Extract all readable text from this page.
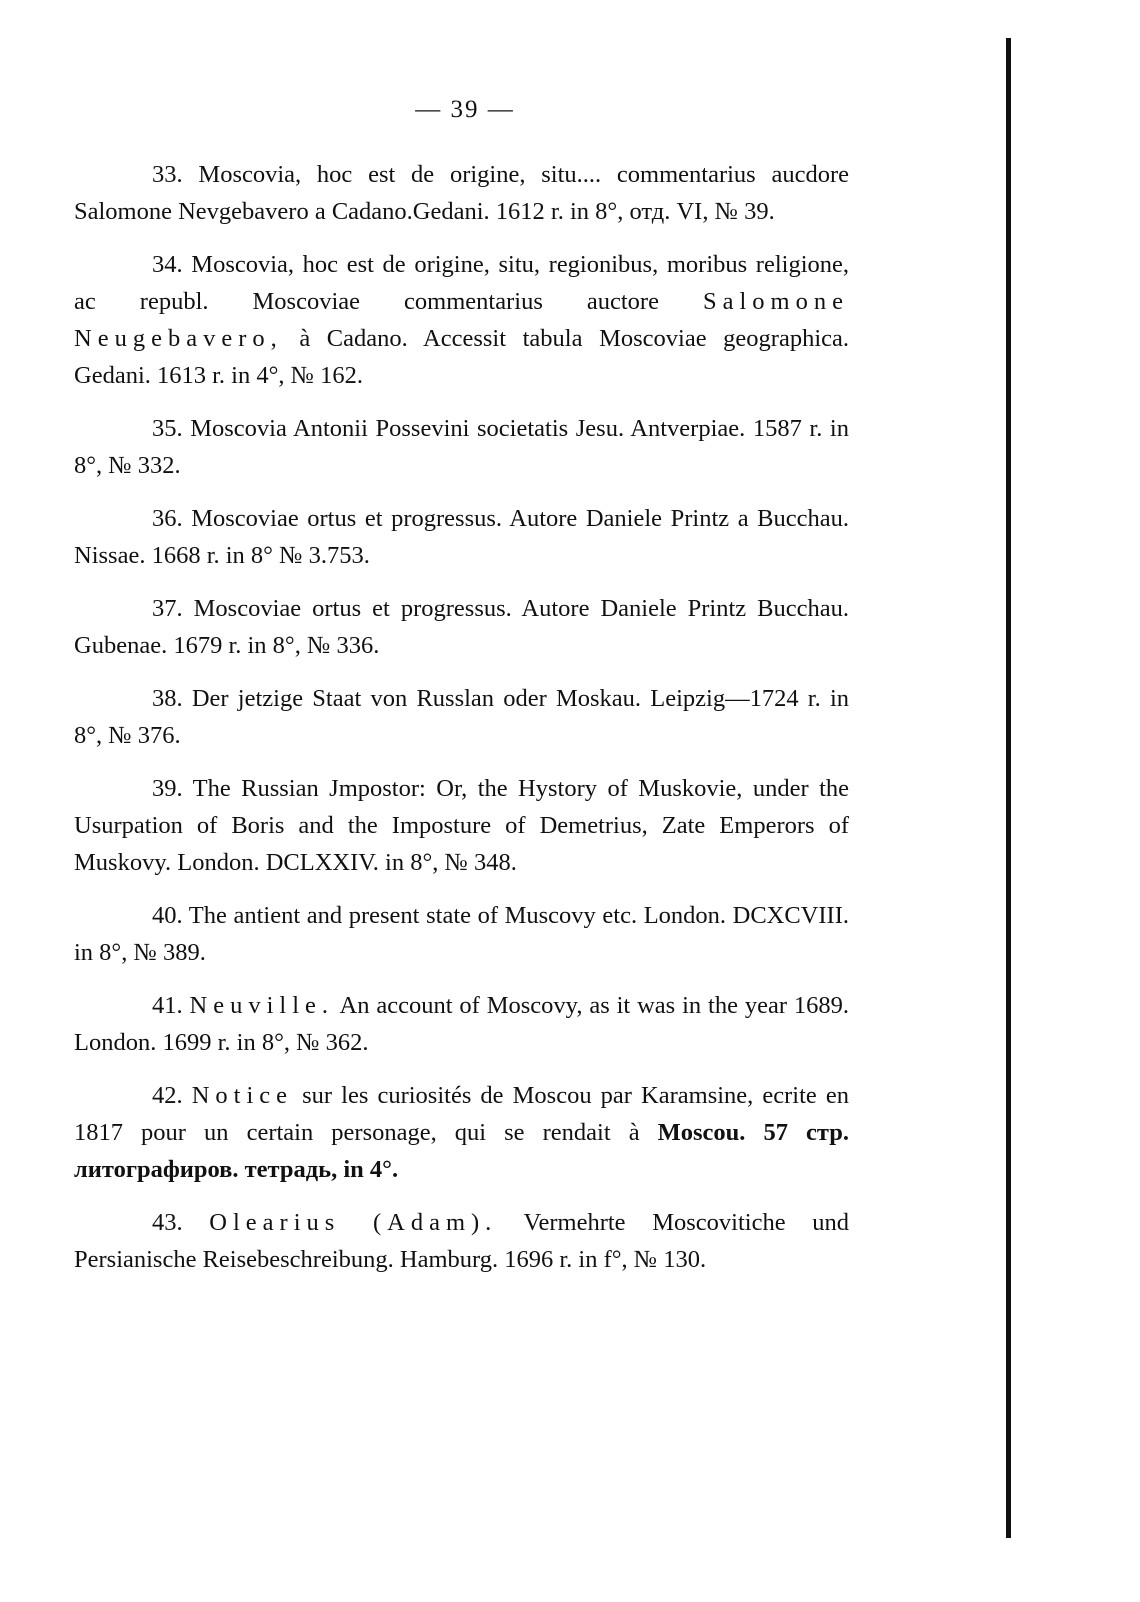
— 39 —

33. Moscovia, hoc est de origine, situ.... commentarius aucdore Salomone Nevgebavero a Cadano.Gedani. 1612 r. in 8°, отд. VI, № 39.

34. Moscovia, hoc est de origine, situ, regionibus, moribus religione, ac republ. Moscoviae commentarius auctore Salomone Neugebavero, à Cadano. Accessit tabula Moscoviae geographica. Gedani. 1613 r. in 4°, № 162.

35. Moscovia Antonii Possevini societatis Jesu. Antverpiae. 1587 r. in 8°, № 332.

36. Moscoviae ortus et progressus. Autore Daniele Printz a Bucchau. Nissae. 1668 r. in 8° № 3.753.

37. Moscoviae ortus et progressus. Autore Daniele Printz Bucchau. Gubenae. 1679 r. in 8°, № 336.

38. Der jetzige Staat von Russlan oder Moskau. Leipzig—1724 r. in 8°, № 376.

39. The Russian Jmpostor: Or, the Hystory of Muskovie, under the Usurpation of Boris and the Imposture of Demetrius, Zate Emperors of Muskovy. London. DCLXXIV. in 8°, № 348.

40. The antient and present state of Muscovy etc. London. DCXCVIII. in 8°, № 389.

41. Neuville. An account of Moscovy, as it was in the year 1689. London. 1699 r. in 8°, № 362.

42. Notice sur les curiosités de Moscou par Karamsine, ecrite en 1817 pour un certain personage, qui se rendait à Moscou. 57 стр. литографиров. тетрадь, in 4°.

43. Olearius (Adam). Vermehrte Moscovitiche und Persianische Reisebeschreibung. Hamburg. 1696 r. in f°, № 130.
